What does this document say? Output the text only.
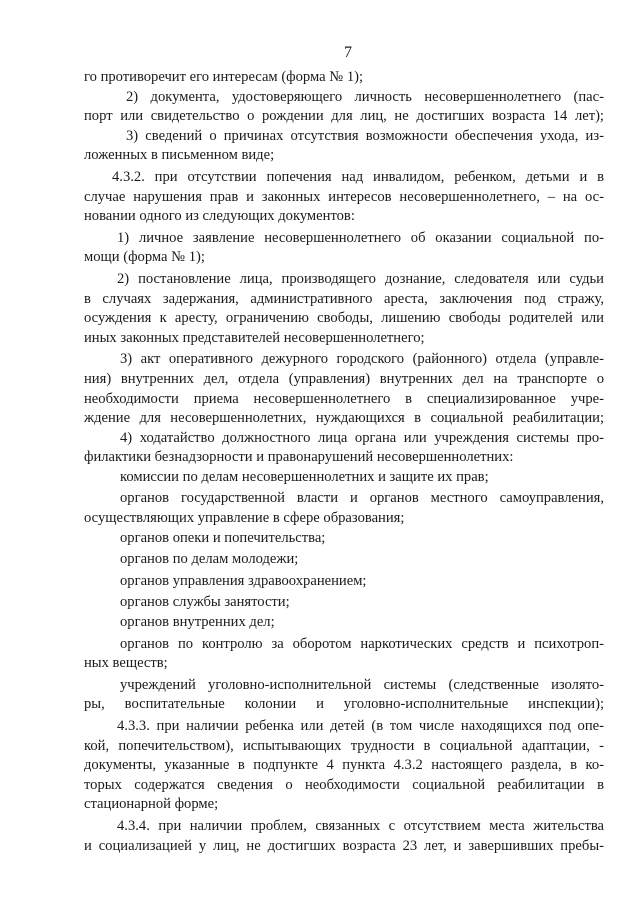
7
го противоречит его интересам (форма № 1);
2) документа, удостоверяющего личность несовершеннолетнего (пас-
порт или свидетельство о рождении для лиц, не достигших возраста 14 лет);
3) сведений о причинах отсутствия возможности обеспечения ухода, из-
ложенных в письменном виде;
4.3.2. при отсутствии попечения над инвалидом, ребенком, детьми и в
случае нарушения прав и законных интересов несовершеннолетнего, – на ос-
новании одного из следующих документов:
1) личное заявление несовершеннолетнего об оказании социальной по-
мощи (форма № 1);
2) постановление лица, производящего дознание, следователя или судьи
в случаях задержания, административного ареста, заключения под стражу,
осуждения к аресту, ограничению свободы, лишению свободы родителей или
иных законных представителей несовершеннолетнего;
3) акт оперативного дежурного городского (районного) отдела (управле-
ния) внутренних дел, отдела (управления) внутренних дел на транспорте о
необходимости приема несовершеннолетнего в специализированное учре-
ждение для несовершеннолетних, нуждающихся в социальной реабилитации;
4) ходатайство должностного лица органа или учреждения системы про-
филактики безнадзорности и правонарушений несовершеннолетних:
комиссии по делам несовершеннолетних и защите их прав;
органов государственной власти и органов местного самоуправления,
осуществляющих управление в сфере образования;
органов опеки и попечительства;
органов по делам молодежи;
органов управления здравоохранением;
органов службы занятости;
органов внутренних дел;
органов по контролю за оборотом наркотических средств и психотроп-
ных веществ;
учреждений уголовно-исполнительной системы (следственные изолято-
ры, воспитательные колонии и уголовно-исполнительные инспекции);
4.3.3. при наличии ребенка или детей (в том числе находящихся под опе-
кой, попечительством), испытывающих трудности в социальной адаптации, -
документы, указанные в подпункте 4 пункта 4.3.2 настоящего раздела, в ко-
торых содержатся сведения о необходимости социальной реабилитации в
стационарной форме;
4.3.4. при наличии проблем, связанных с отсутствием места жительства
и социализацией у лиц, не достигших возраста 23 лет, и завершивших пребы-
